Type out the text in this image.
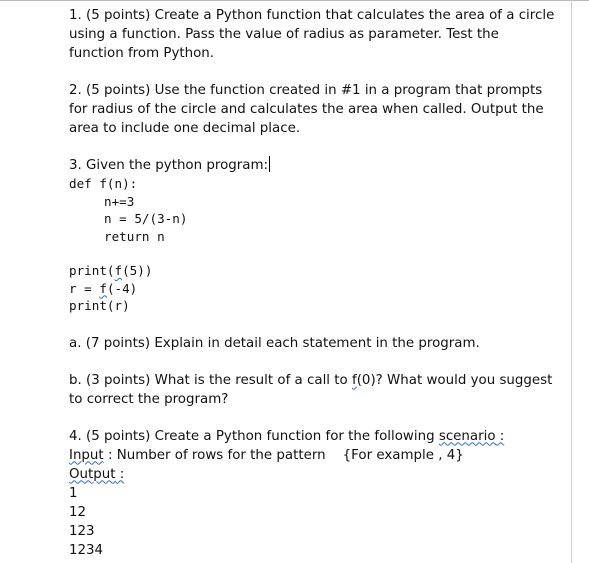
1. (5 points) Create a Python function that calculates the area of a circle

using a function. Pass the value of radius as parameter. Test the

function from Python.

2. (5 points) Use the function created in #1 in a program that prompts

for radius of the circle and calculates the area when called. Output the

area to include one decimal place.

3. Given the python program:

def f(n):

n+=3

n = 5/(3-n)

return n

print(f(5))

r = f(-4)

print(r)

a. (7 points) Explain in detail each statement in the program.

b. (3 points) What is the result of a call to f(0)? What would you suggest

to correct the program?

4. (5 points) Create a Python function for the following scenario :

Input : Number of rows for the pattern    {For example , 4}

Output :

1

12

123

1234
